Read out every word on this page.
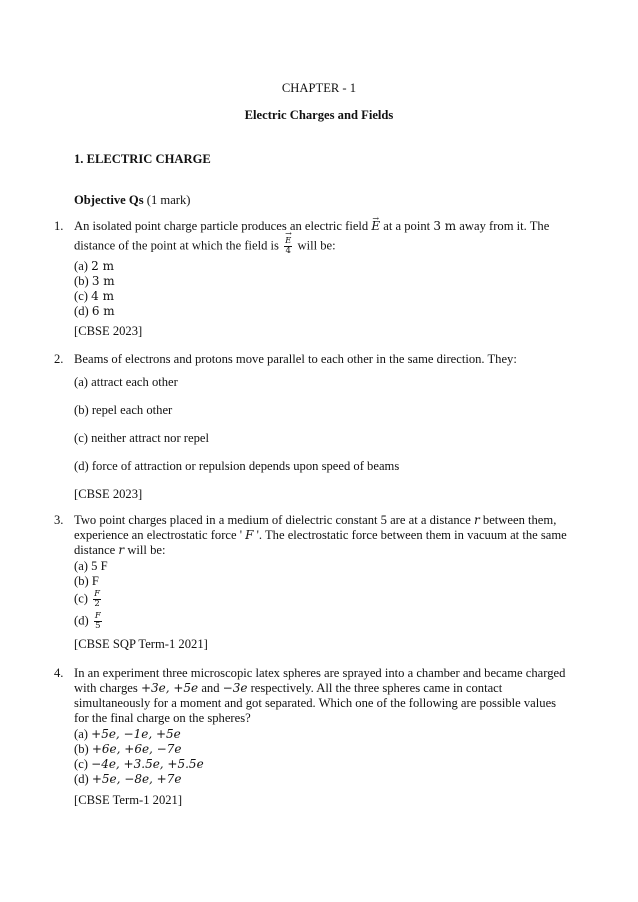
CHAPTER - 1
Electric Charges and Fields
1. ELECTRIC CHARGE
Objective Qs (1 mark)
1. An isolated point charge particle produces an electric field → E at a point 3 m away from it. The
distance of the point at which the field is → $\frac{E}{4}$ will be:
(a) 2 m
(b) 3 m
(c) 4 m
(d) 6 m
[CBSE 2023]
2. Beams of electrons and protons move parallel to each other in the same direction. They:
(a) attract each other
(b) repel each other
(c) neither attract nor repel
(d) force of attraction or repulsion depends upon speed of beams
[CBSE 2023]
3. Two point charges placed in a medium of dielectric constant 5 are at a distance r between them,
experience an electrostatic force ' F '. The electrostatic force between them in vacuum at the same
distance r will be:
(a) 5 F
(b) F
$(c) \frac{F}{2}$
$(d) \frac{F}{5}$
[CBSE SQP Term-1 2021]
4. In an experiment three microscopic latex spheres are sprayed into a chamber and became charged
with charges +3e, +5e and −3e respectively. All the three spheres came in contact
simultaneously for a moment and got separated. Which one of the following are possible values
for the final charge on the spheres?
(a) +5e, −1e, +5e
(b) +6e, +6e, −7e
(c) −4e, +3.5e, +5.5e
(d) +5e, −8e, +7e
[CBSE Term-1 2021]
